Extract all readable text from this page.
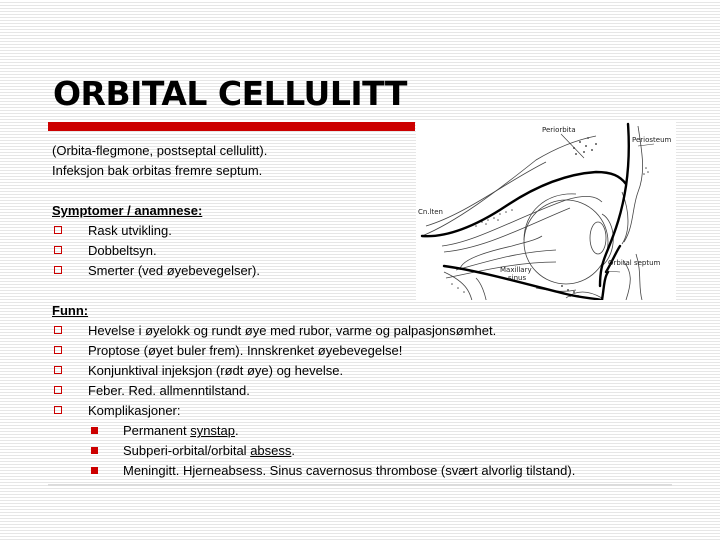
ORBITAL CELLULITT
Periorbita
Periosteum
Orbital septum
Maxillary
sinus
Cn.lten
(Orbita-flegmone, postseptal cellulitt).
Infeksjon bak orbitas fremre septum.
Symptomer / anamnese:
Rask utvikling.
Dobbeltsyn.
Smerter (ved øyebevegelser).
Funn:
Hevelse i øyelokk og rundt øye med rubor, varme og palpasjonsømhet.
Proptose (øyet buler frem). Innskrenket øyebevegelse!
Konjunktival injeksjon (rødt øye) og hevelse.
Feber. Red. allmenntilstand.
Komplikasjoner:
Permanent synstap.
Subperi-orbital/orbital absess.
Meningitt. Hjerneabsess. Sinus cavernosus thrombose (svært alvorlig tilstand).
